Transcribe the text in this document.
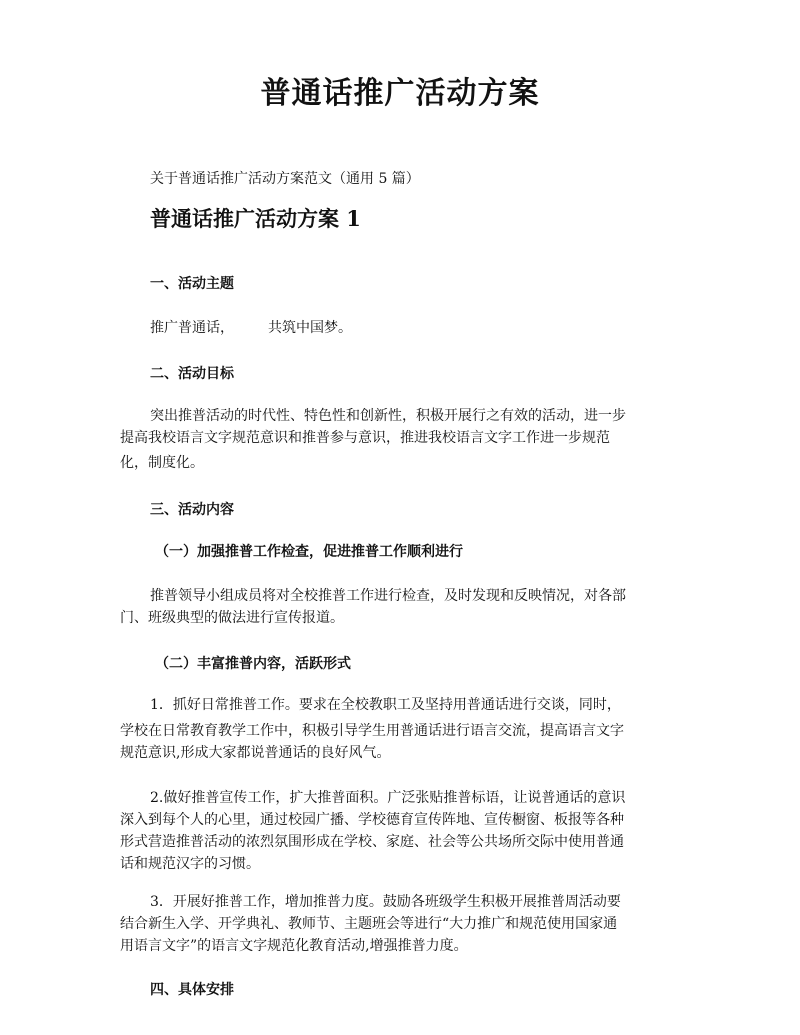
普通话推广活动方案
关于普通话推广活动方案范文（通用 5 篇）
普通话推广活动方案 1
一、活动主题
推广普通话， 共筑中国梦。
二、活动目标
突出推普活动的时代性、特色性和创新性，积极开展行之有效的活动，进一步
提高我校语言文字规范意识和推普参与意识，推进我校语言文字工作进一步规范
化，制度化。
三、活动内容
（一）加强推普工作检查，促进推普工作顺利进行
推普领导小组成员将对全校推普工作进行检查，及时发现和反映情况，对各部
门、班级典型的做法进行宣传报道。
（二）丰富推普内容，活跃形式
1．抓好日常推普工作。要求在全校教职工及坚持用普通话进行交谈，同时，
学校在日常教育教学工作中，积极引导学生用普通话进行语言交流，提高语言文字
规范意识,形成大家都说普通话的良好风气。
2.做好推普宣传工作，扩大推普面积。广泛张贴推普标语，让说普通话的意识
深入到每个人的心里，通过校园广播、学校德育宣传阵地、宣传橱窗、板报等各种
形式营造推普活动的浓烈氛围形成在学校、家庭、社会等公共场所交际中使用普通
话和规范汉字的习惯。
3．开展好推普工作，增加推普力度。鼓励各班级学生积极开展推普周活动要
结合新生入学、开学典礼、教师节、主题班会等进行“大力推广和规范使用国家通
用语言文字”的语言文字规范化教育活动,增强推普力度。
四、具体安排
